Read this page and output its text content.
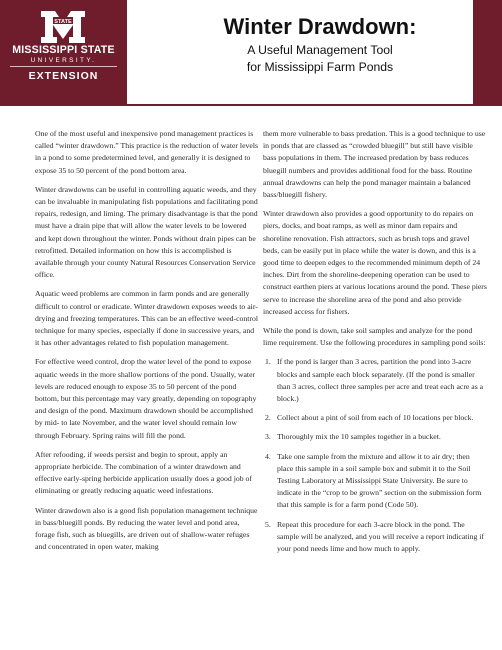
STATE
MISSISSIPPI STATE
UNIVERSITY.
EXTENSION
Winter Drawdown:
A Useful Management Tool
for Mississippi Farm Ponds

One of the most useful and inexpensive pond management practices is called “winter drawdown.” This practice is the reduction of water levels in a pond to some predetermined level, and generally it is designed to expose 35 to 50 percent of the pond bottom area.

Winter drawdowns can be useful in controlling aquatic weeds, and they can be invaluable in manipulating fish populations and facilitating pond repairs, redesign, and liming. The primary disadvantage is that the pond must have a drain pipe that will allow the water levels to be lowered and kept down throughout the winter. Ponds without drain pipes can be retrofitted. Detailed information on how this is accomplished is available through your county Natural Resources Conservation Service office.

Aquatic weed problems are common in farm ponds and are generally difficult to control or eradicate. Winter drawdown exposes weeds to air-drying and freezing temperatures. This can be an effective weed-control technique for many species, especially if done in successive years, and it has other advantages related to fish population management.

For effective weed control, drop the water level of the pond to expose aquatic weeds in the more shallow portions of the pond. Usually, water levels are reduced enough to expose 35 to 50 percent of the pond bottom, but this percentage may vary greatly, depending on topography and design of the pond. Maximum drawdown should be accomplished by mid- to late November, and the water level should remain low through February. Spring rains will fill the pond.

After refooding, if weeds persist and begin to sprout, apply an appropriate herbicide. The combination of a winter drawdown and effective early-spring herbicide application usually does a good job of eliminating or greatly reducing aquatic weed infestations.

Winter drawdown also is a good fish population management technique in bass/bluegill ponds. By reducing the water level and pond area, forage fish, such as bluegills, are driven out of shallow-water refuges and concentrated in open water, making

them more vulnerable to bass predation. This is a good technique to use in ponds that are classed as “crowded bluegill” but still have visible bass populations in them. The increased predation by bass reduces bluegill numbers and provides additional food for the bass. Routine annual drawdowns can help the pond manager maintain a balanced bass/bluegill fishery.

Winter drawdown also provides a good opportunity to do repairs on piers, docks, and boat ramps, as well as minor dam repairs and shoreline renovation. Fish attractors, such as brush tops and gravel beds, can be easily put in place while the water is down, and this is a good time to deepen edges to the recommended minimum depth of 24 inches. Dirt from the shoreline-deepening operation can be used to construct earthen piers at various locations around the pond. These piers serve to increase the shoreline area of the pond and also provide increased access for fishers.

While the pond is down, take soil samples and analyze for the pond lime requirement. Use the following procedures in sampling pond soils:

1. If the pond is larger than 3 acres, partition the pond into 3-acre blocks and sample each block separately. (If the pond is smaller than 3 acres, collect three samples per acre and treat each acre as a block.)
2. Collect about a pint of soil from each of 10 locations per block.
3. Thoroughly mix the 10 samples together in a bucket.
4. Take one sample from the mixture and allow it to air dry; then place this sample in a soil sample box and submit it to the Soil Testing Laboratory at Mississippi State University. Be sure to indicate in the “crop to be grown” section on the submission form that this sample is for a farm pond (Code 50).
5. Repeat this procedure for each 3-acre block in the pond. The sample will be analyzed, and you will receive a report indicating if your pond needs lime and how much to apply.
